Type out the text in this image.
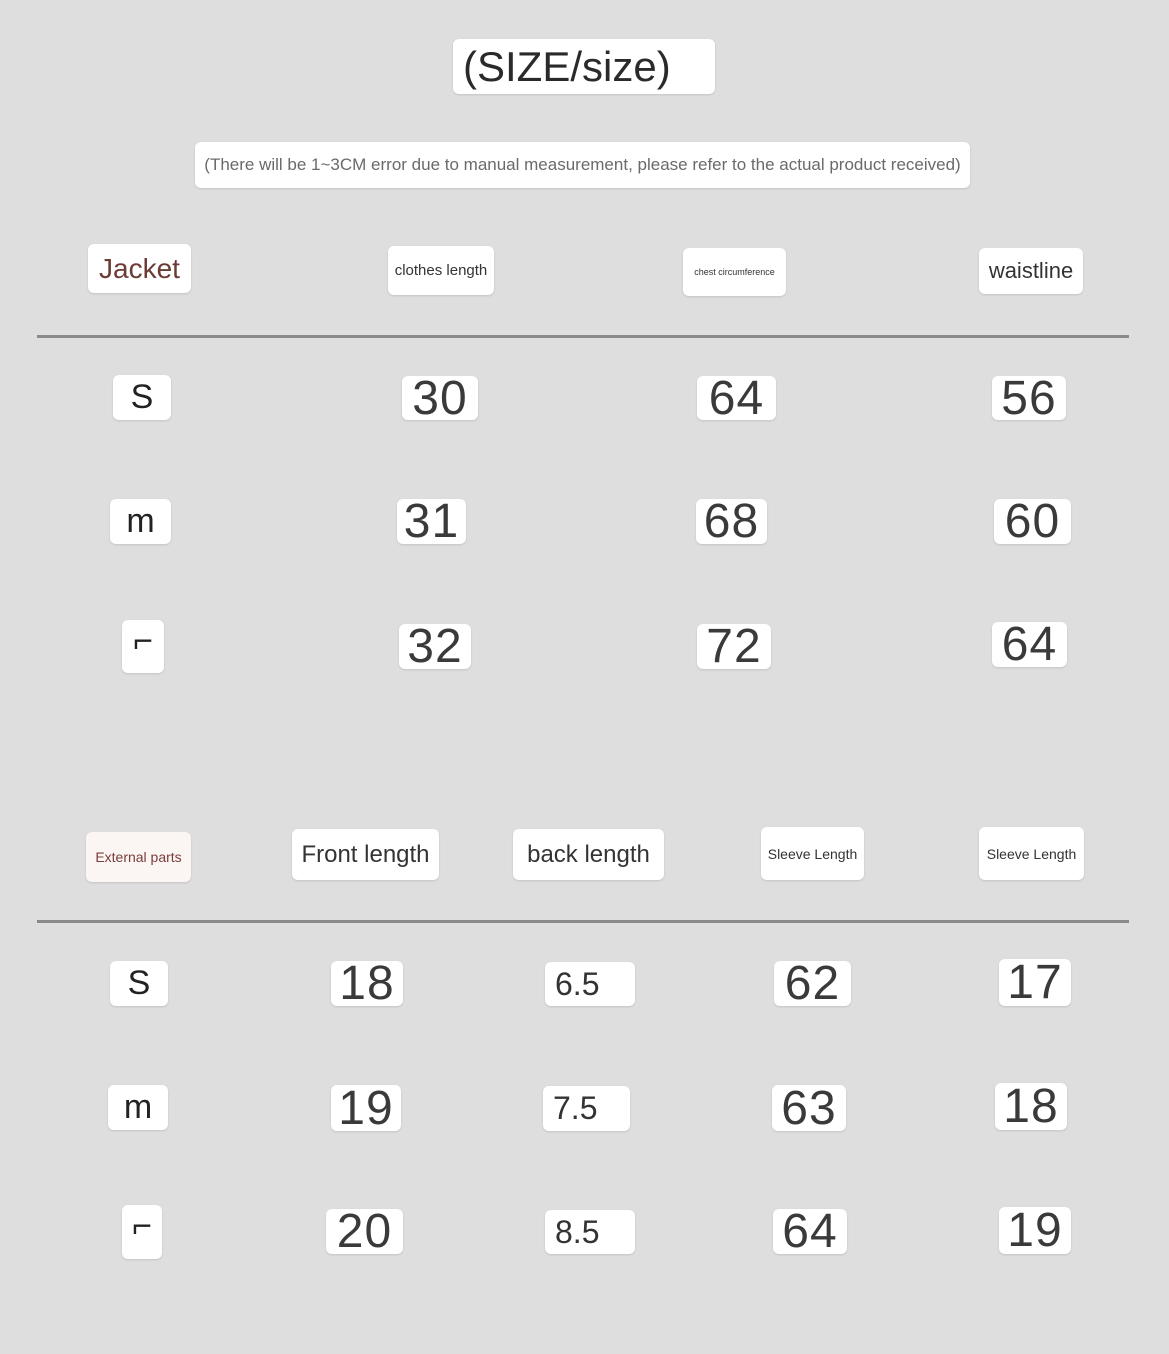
(SIZE/size)
(There will be 1~3CM error due to manual measurement, please refer to the actual product received)
Jacket	clothes length	chest circumference	waistline
S	30	64	56
m	31	68	60
⌐	32	72	64
External parts	Front length	back length	Sleeve Length	Sleeve Length
S	18	6.5	62	17
m	19	7.5	63	18
⌐	20	8.5	64	19
